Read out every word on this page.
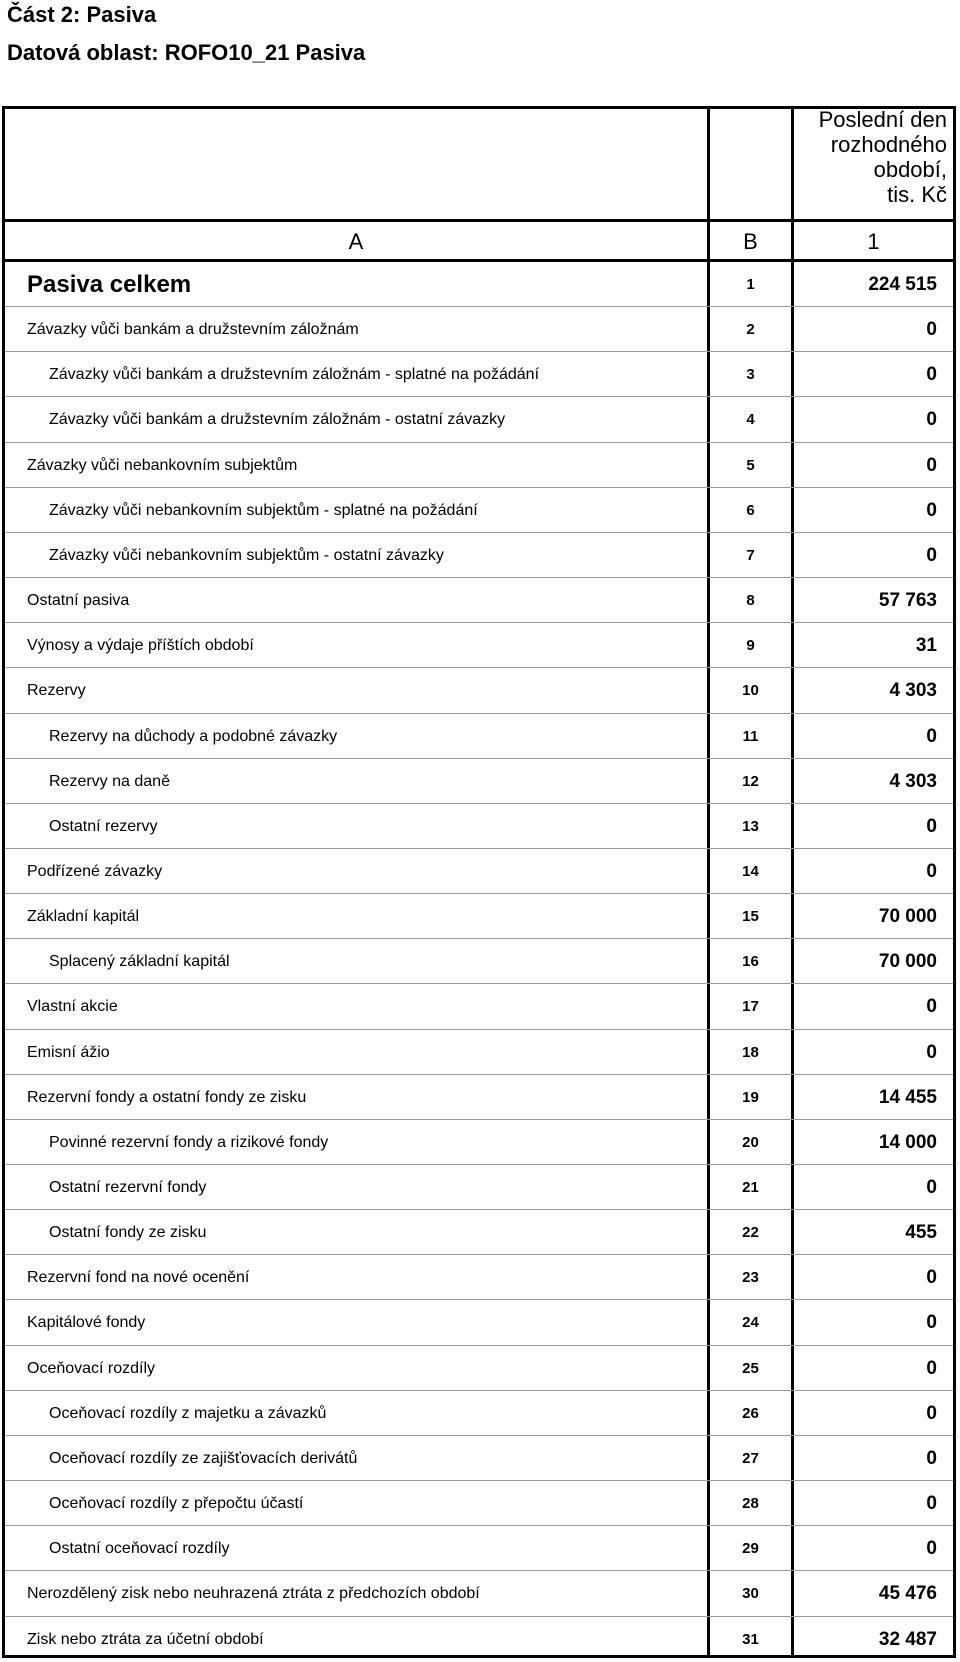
Část 2: Pasiva
Datová oblast: ROFO10_21 Pasiva
Poslední den
rozhodného
období,
tis. Kč
A	B	1
Pasiva celkem	1	224 515
Závazky vůči bankám a družstevním záložnám	2	0
Závazky vůči bankám a družstevním záložnám - splatné na požádání	3	0
Závazky vůči bankám a družstevním záložnám - ostatní závazky	4	0
Závazky vůči nebankovním subjektům	5	0
Závazky vůči nebankovním subjektům - splatné na požádání	6	0
Závazky vůči nebankovním subjektům - ostatní závazky	7	0
Ostatní pasiva	8	57 763
Výnosy a výdaje příštích období	9	31
Rezervy	10	4 303
Rezervy na důchody a podobné závazky	11	0
Rezervy na daně	12	4 303
Ostatní rezervy	13	0
Podřízené závazky	14	0
Základní kapitál	15	70 000
Splacený základní kapitál	16	70 000
Vlastní akcie	17	0
Emisní ážio	18	0
Rezervní fondy a ostatní fondy ze zisku	19	14 455
Povinné rezervní fondy a rizikové fondy	20	14 000
Ostatní rezervní fondy	21	0
Ostatní fondy ze zisku	22	455
Rezervní fond na nové ocenění	23	0
Kapitálové fondy	24	0
Oceňovací rozdíly	25	0
Oceňovací rozdíly z majetku a závazků	26	0
Oceňovací rozdíly ze zajišťovacích derivátů	27	0
Oceňovací rozdíly z přepočtu účastí	28	0
Ostatní oceňovací rozdíly	29	0
Nerozdělený zisk nebo neuhrazená ztráta z předchozích období	30	45 476
Zisk nebo ztráta za účetní období	31	32 487
